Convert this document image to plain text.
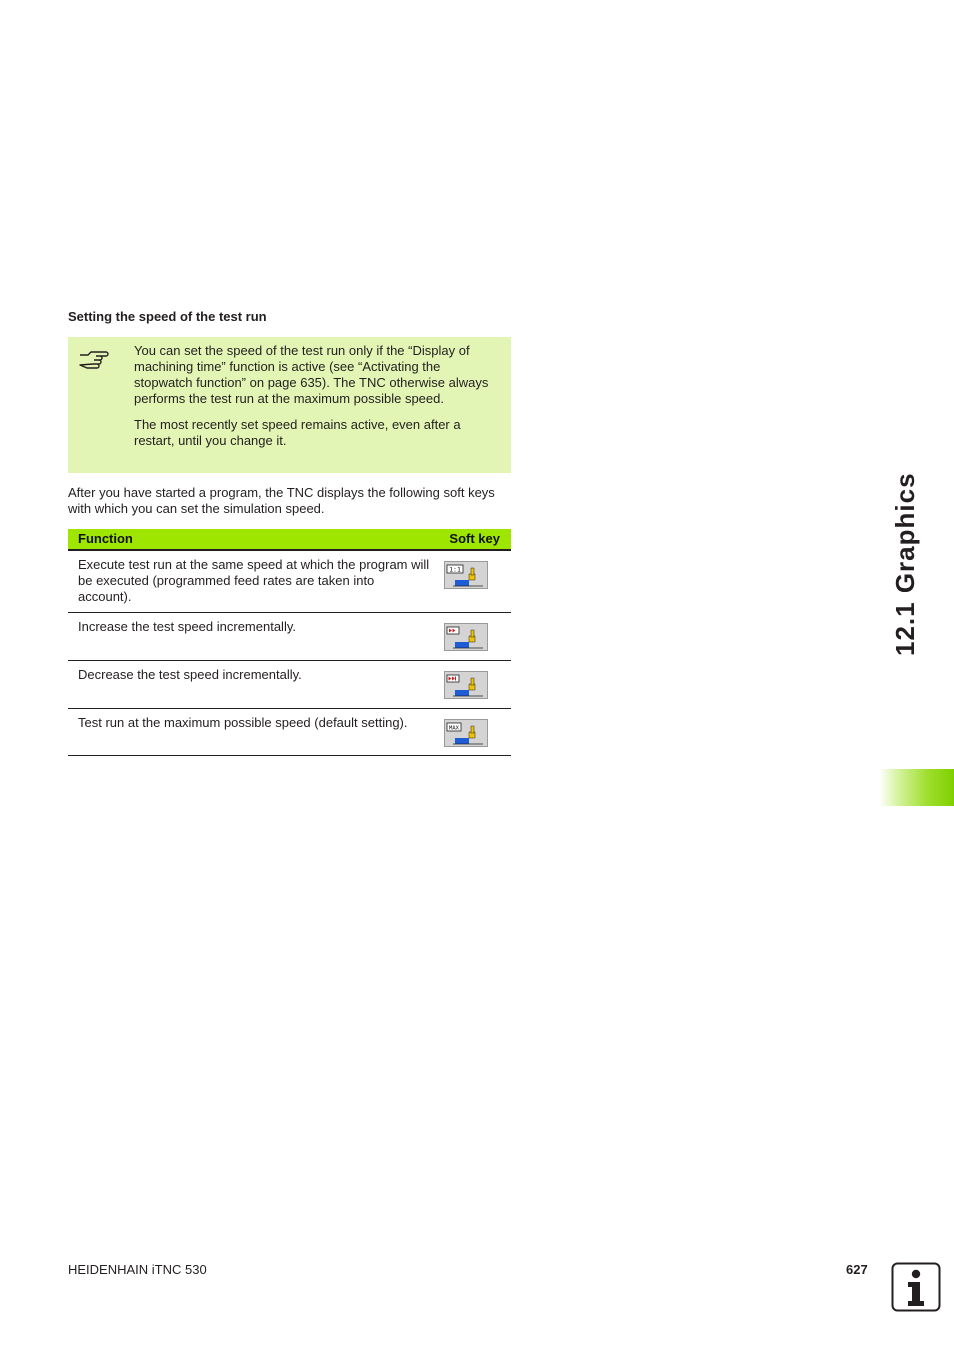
Setting the speed of the test run

You can set the speed of the test run only if the “Display of machining time” function is active (see “Activating the stopwatch function” on page 635). The TNC otherwise always performs the test run at the maximum possible speed.

The most recently set speed remains active, even after a restart, until you change it.

After you have started a program, the TNC displays the following soft keys with which you can set the simulation speed.
Function	Soft key
Execute test run at the same speed at which the program will be executed (programmed feed rates are taken into account).	1:1

Increase the test speed incrementally.	

Decrease the test speed incrementally.	

Test run at the maximum possible speed (default setting).	MAX
12.1 Graphics
HEIDENHAIN iTNC 530	627
